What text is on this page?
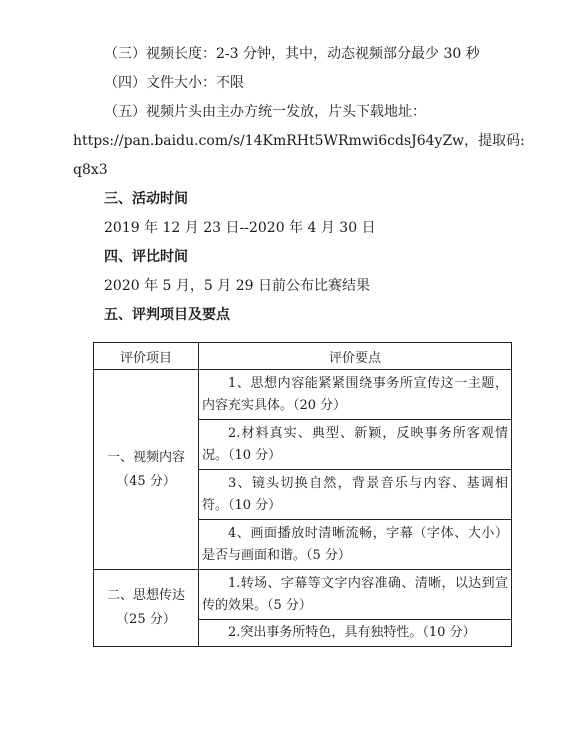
（三）视频长度：2-3 分钟，其中，动态视频部分最少 30 秒
（四）文件大小：不限
（五）视频片头由主办方统一发放，片头下载地址：
https://pan.baidu.com/s/14KmRHt5WRmwi6cdsJ64yZw，提取码:
q8x3
三、活动时间
2019 年 12 月 23 日--2020 年 4 月 30 日
四、评比时间
2020 年 5 月，5 月 29 日前公布比赛结果
五、评判项目及要点
评价项目	评价要点

一、视频内容
（45 分）	1、思想内容能紧紧围绕事务所宣传这一主题，内容充实具体。（20 分）
	2.材料真实、典型、新颖，反映事务所客观情况。（10 分）
	3、镜头切换自然，背景音乐与内容、基调相符。（10 分）
	4、画面播放时清晰流畅，字幕（字体、大小）是否与画面和谐。（5 分）

二、思想传达
（25 分）	1.转场、字幕等文字内容准确、清晰，以达到宣传的效果。（5 分）
	2.突出事务所特色，具有独特性。（10 分）
